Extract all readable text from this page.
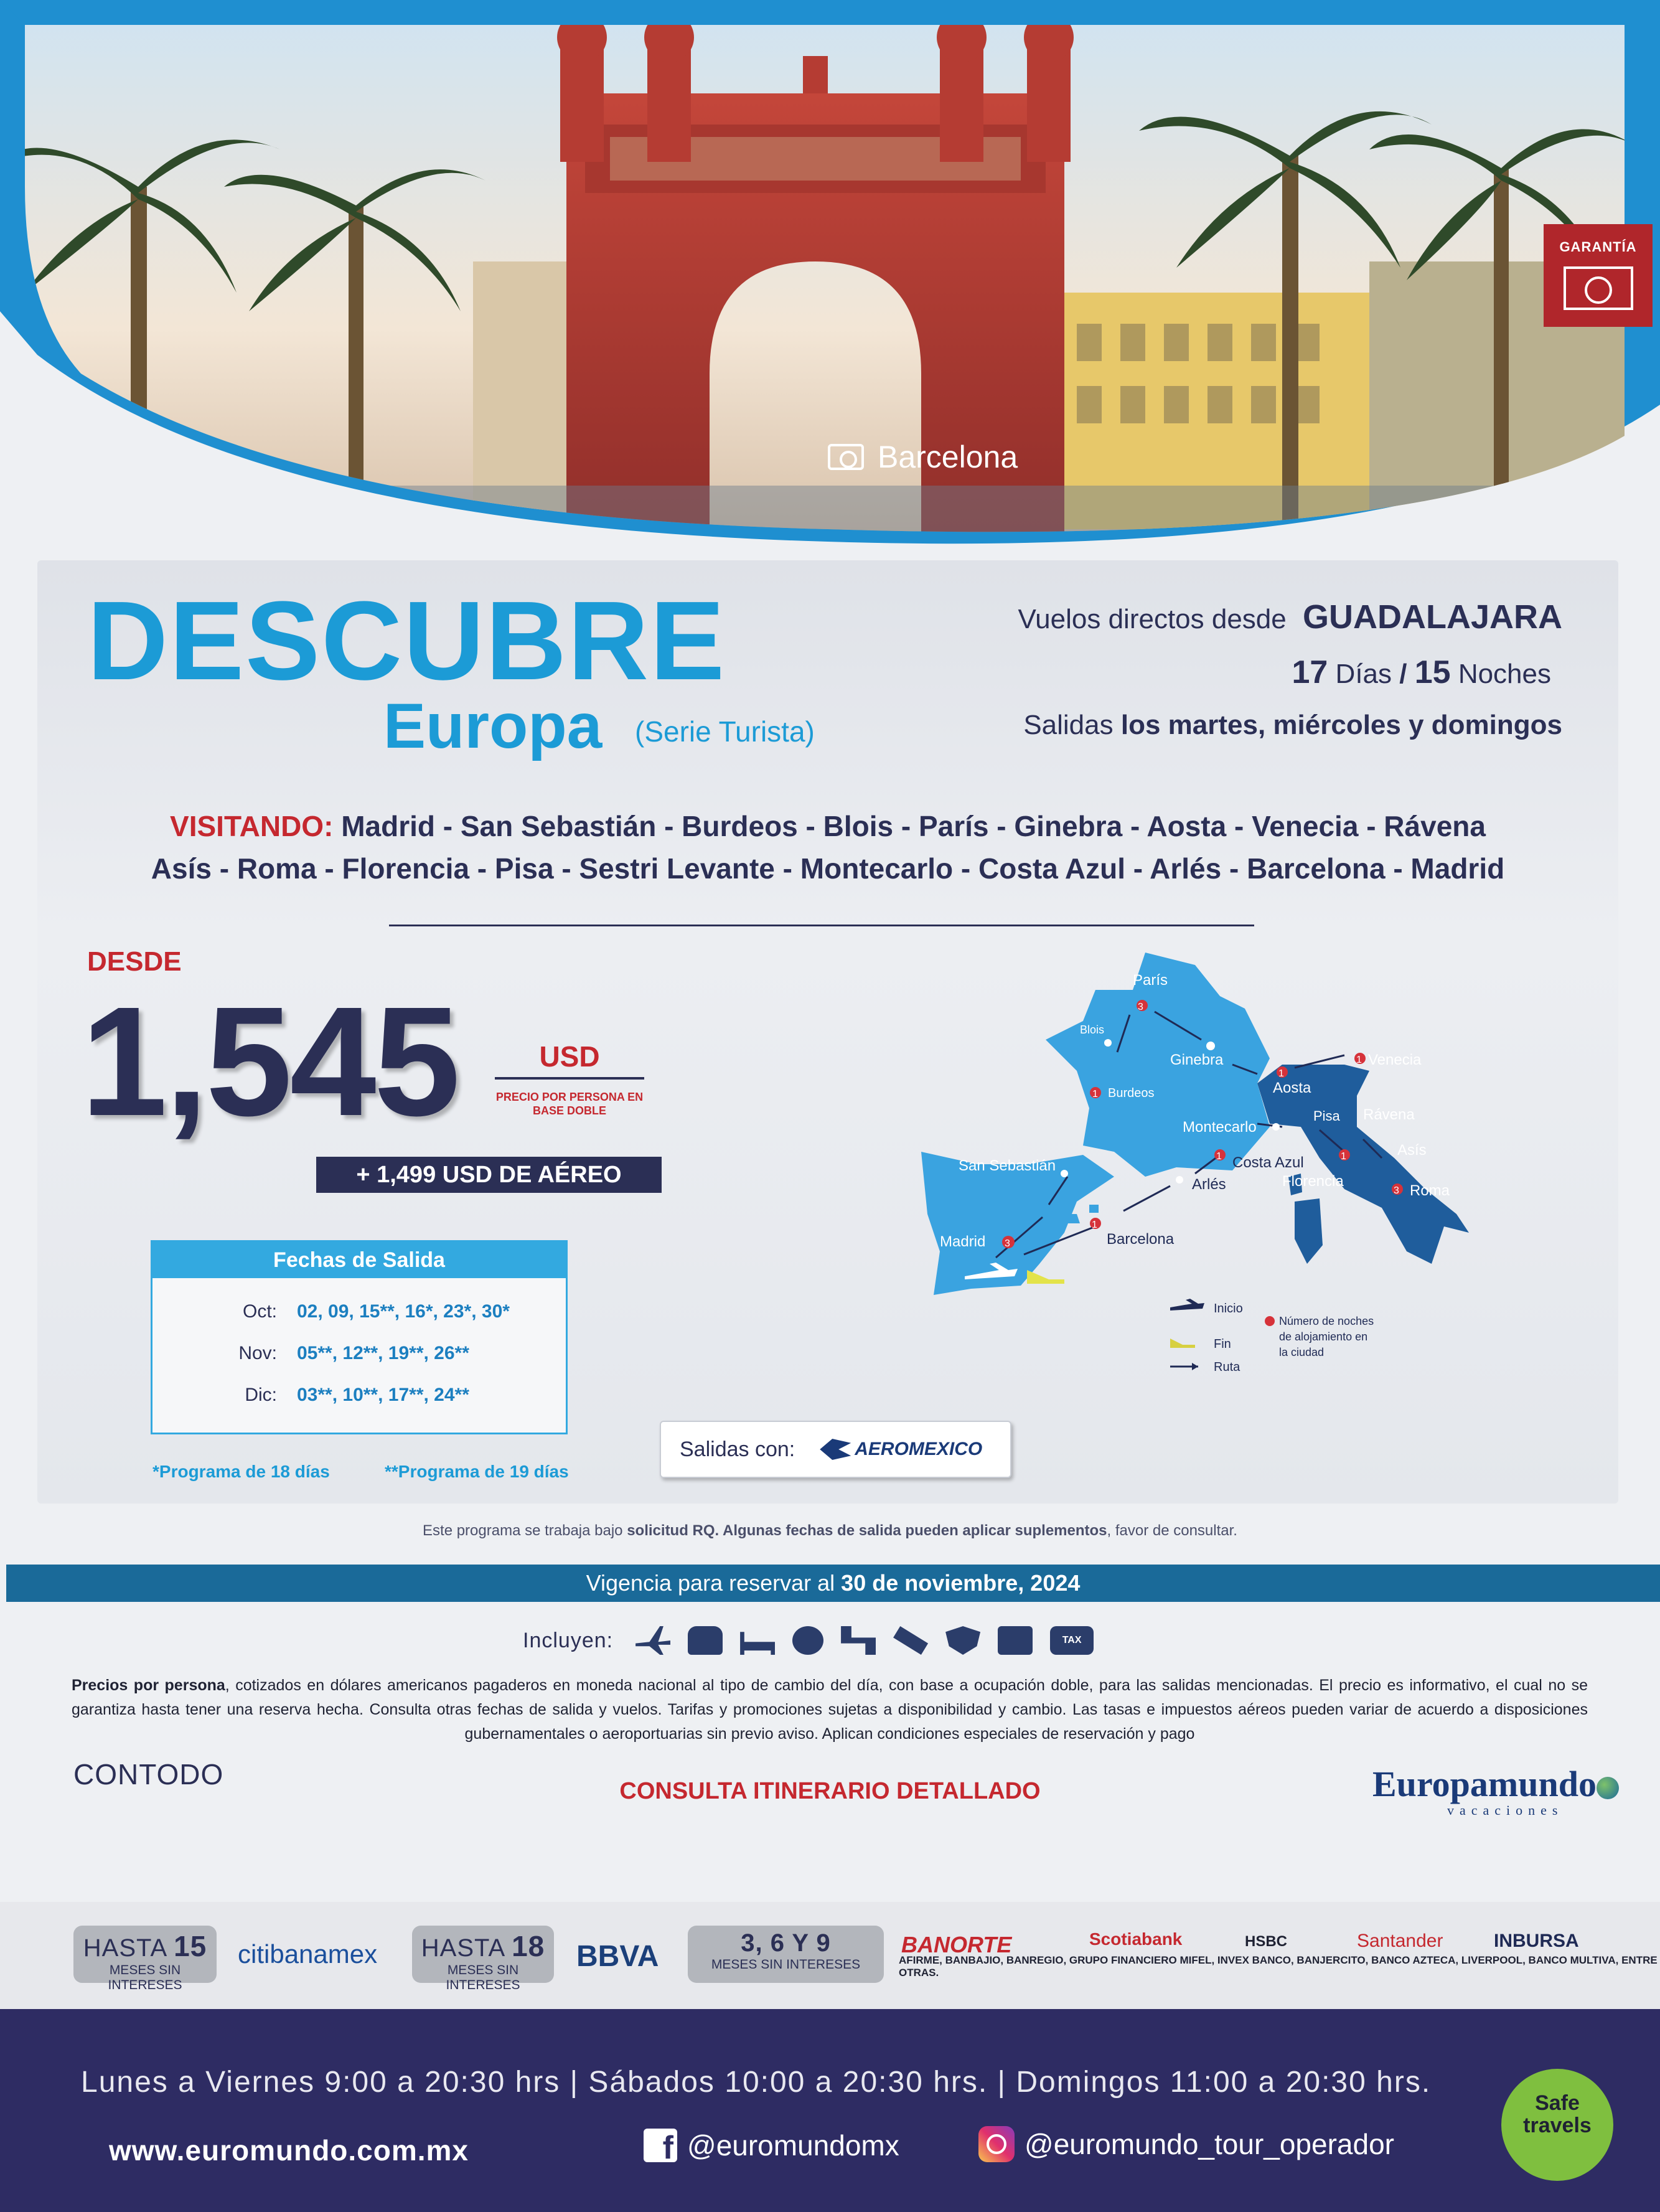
GARANTÍA
Barcelona
DESCUBRE
Europa (Serie Turista)
Vuelos directos desde GUADALAJARA
17 Días / 15 Noches
Salidas los martes, miércoles y domingos
VISITANDO: Madrid - San Sebastián - Burdeos - Blois - París - Ginebra - Aosta - Venecia - Rávena
Asís - Roma - Florencia - Pisa - Sestri Levante - Montecarlo - Costa Azul - Arlés - Barcelona - Madrid
DESDE
1,545	USD
PRECIO POR PERSONA EN BASE DOBLE
+ 1,499 USD DE AÉREO
Fechas de Salida
Oct: 02, 09, 15**, 16*, 23*, 30*
Nov: 05**, 12**, 19**, 26**
Dic: 03**, 10**, 17**, 24**
*Programa de 18 días	**Programa de 19 días
Salidas con:	AEROMEXICO
3
París
Blois
Ginebra
1 Burdeos
1
Aosta
1 Venecia
Montecarlo
Pisa Rávena
San Sebastián
1 Costa Azul
Asís
1
Florencia
Arlés	3 Roma
1
Barcelona
3
Madrid
Inicio
Fin
Ruta
Número de noches
de alojamiento en
la ciudad
Este programa se trabaja bajo solicitud RQ. Algunas fechas de salida pueden aplicar suplementos, favor de consultar.
Vigencia para reservar al 30 de noviembre, 2024
Incluyen:	TAX
Precios por persona, cotizados en dólares americanos pagaderos en moneda nacional al tipo de cambio del día, con base a ocupación doble, para las salidas mencionadas. El precio es informativo, el cual no se garantiza hasta tener una reserva hecha. Consulta otras fechas de salida y vuelos. Tarifas y promociones sujetas a disponibilidad y cambio. Las tasas e impuestos aéreos pueden variar de acuerdo a disposiciones gubernamentales o aeroportuarias sin previo aviso. Aplican condiciones especiales de reservación y pago
CONTODO
CONSULTA ITINERARIO DETALLADO	Europamundo
vacaciones
HASTA 15
MESES SIN INTERESES
citibanamex	HASTA 18
MESES SIN INTERESES
BBVA	3, 6 Y 9
MESES SIN INTERESES
BANORTE	Scotiabank	HSBC	Santander	INBURSA
AFIRME, BANBAJIO, BANREGIO, GRUPO FINANCIERO MIFEL, INVEX BANCO, BANJERCITO, BANCO AZTECA, LIVERPOOL, BANCO MULTIVA, ENTRE OTRAS.
Lunes a Viernes 9:00 a 20:30 hrs | Sábados 10:00 a 20:30 hrs. | Domingos 11:00 a 20:30 hrs.
www.euromundo.com.mx	f @euromundomx	@euromundo_tour_operador
Safe
travels
